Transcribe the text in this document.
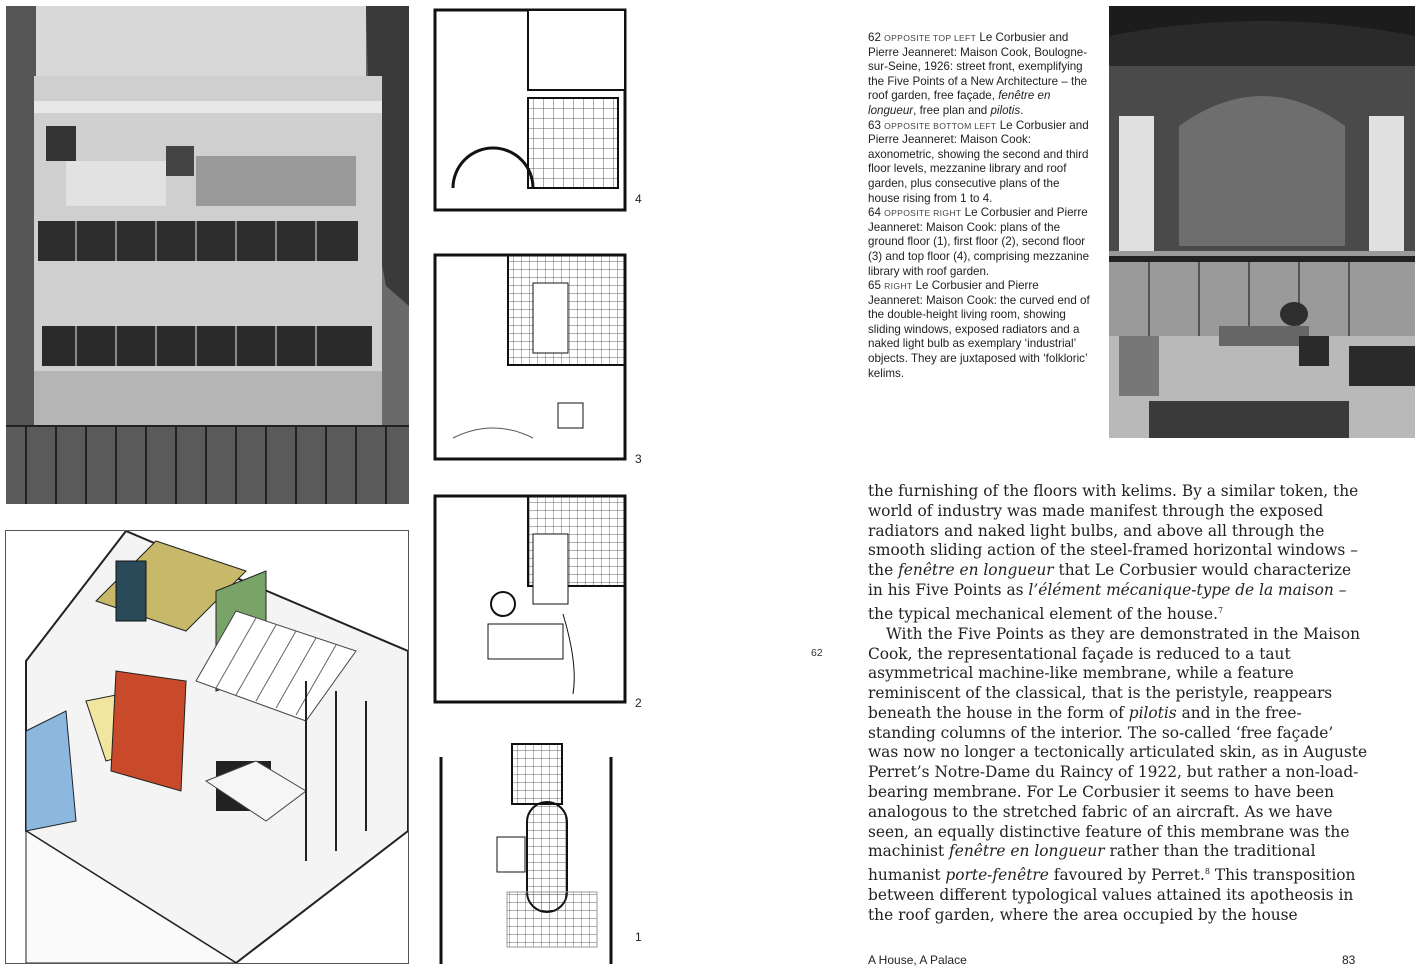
4
3
2
1

62 OPPOSITE TOP LEFT Le Corbusier and Pierre Jeanneret: Maison Cook, Boulogne-sur-Seine, 1926: street front, exemplifying the Five Points of a New Architecture – the roof garden, free façade, fenêtre en longueur, free plan and pilotis.

63 OPPOSITE BOTTOM LEFT Le Corbusier and Pierre Jeanneret: Maison Cook: axonometric, showing the second and third floor levels, mezzanine library and roof garden, plus consecutive plans of the house rising from 1 to 4.

64 OPPOSITE RIGHT Le Corbusier and Pierre Jeanneret: Maison Cook: plans of the ground floor (1), first floor (2), second floor (3) and top floor (4), comprising mezzanine library with roof garden.

65 RIGHT Le Corbusier and Pierre Jeanneret: Maison Cook: the curved end of the double-height living room, showing sliding windows, exposed radiators and a naked light bulb as exemplary ‘industrial’ objects. They are juxtaposed with ‘folkloric’ kelims.

62

the furnishing of the floors with kelims. By a similar token, the world of industry was made manifest through the exposed radiators and naked light bulbs, and above all through the smooth sliding action of the steel-framed horizontal windows – the fenêtre en longueur that Le Corbusier would characterize in his Five Points as l’élément mécanique-type de la maison – the typical mechanical element of the house.$^7$

With the Five Points as they are demonstrated in the Maison Cook, the representational façade is reduced to a taut asymmetrical machine-like membrane, while a feature reminiscent of the classical, that is the peristyle, reappears beneath the house in the form of pilotis and in the free-standing columns of the interior. The so-called ‘free façade’ was now no longer a tectonically articulated skin, as in Auguste Perret’s Notre-Dame du Raincy of 1922, but rather a non-load-bearing membrane. For Le Corbusier it seems to have been analogous to the stretched fabric of an aircraft. As we have seen, an equally distinctive feature of this membrane was the machinist fenêtre en longueur rather than the traditional humanist porte-fenêtre favoured by Perret.$^8$ This transposition between different typological values attained its apotheosis in the roof garden, where the area occupied by the house

A House, A Palace	83
